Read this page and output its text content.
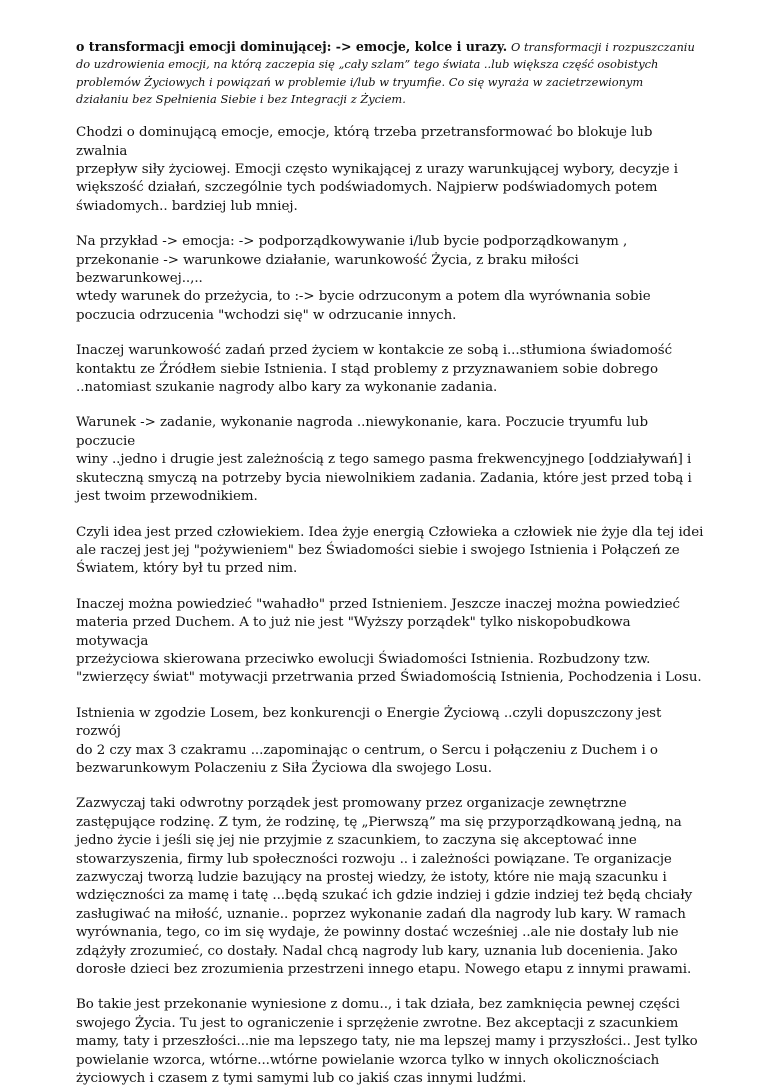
o transformacji emocji dominującej: -> emocje, kolce i urazy. O transformacji i rozpuszczaniu
do uzdrowienia emocji, na którą zaczepia się „cały szlam” tego świata ..lub większa część osobistych
problemów Życiowych i powiązań w problemie i/lub w tryumfie. Co się wyraża w zacietrzewionym
działaniu bez Spełnienia Siebie i bez Integracji z Życiem.

Chodzi o dominującą emocje, emocje, którą trzeba przetransformować bo blokuje lub zwalnia
przepływ siły życiowej. Emocji często wynikającej z urazy warunkującej wybory, decyzje i
większość działań, szczególnie tych podświadomych. Najpierw podświadomych potem
świadomych.. bardziej lub mniej.

Na przykład -> emocja: -> podporządkowywanie i/lub bycie podporządkowanym ,
przekonanie -> warunkowe działanie, warunkowość Życia, z braku miłości bezwarunkowej..,..
wtedy warunek do przeżycia, to :-> bycie odrzuconym a potem dla wyrównania sobie
poczucia odrzucenia "wchodzi się" w odrzucanie innych.

Inaczej warunkowość zadań przed życiem w kontakcie ze sobą i...stłumiona świadomość
kontaktu ze Źródłem siebie Istnienia. I stąd problemy z przyznawaniem sobie dobrego
..natomiast szukanie nagrody albo kary za wykonanie zadania.

Warunek -> zadanie, wykonanie nagroda ..niewykonanie, kara. Poczucie tryumfu lub poczucie
winy ..jedno i drugie jest zależnością z tego samego pasma frekwencyjnego [oddziaływań] i
skuteczną smyczą na potrzeby bycia niewolnikiem zadania. Zadania, które jest przed tobą i
jest twoim przewodnikiem.

Czyli idea jest przed człowiekiem. Idea żyje energią Człowieka a człowiek nie żyje dla tej idei
ale raczej jest jej "pożywieniem" bez Świadomości siebie i swojego Istnienia i Połączeń ze
Światem, który był tu przed nim.

Inaczej można powiedzieć "wahadło" przed Istnieniem. Jeszcze inaczej można powiedzieć
materia przed Duchem. A to już nie jest "Wyższy porządek" tylko niskopobudkowa motywacja
przeżyciowa skierowana przeciwko ewolucji Świadomości Istnienia. Rozbudzony tzw.
"zwierzęcy świat" motywacji przetrwania przed Świadomością Istnienia, Pochodzenia i Losu.

Istnienia w zgodzie Losem, bez konkurencji o Energie Życiową ..czyli dopuszczony jest rozwój
do 2 czy max 3 czakramu ...zapominając o centrum, o Sercu i połączeniu z Duchem i o
bezwarunkowym Polaczeniu z Siła Życiowa dla swojego Losu.

Zazwyczaj taki odwrotny porządek jest promowany przez organizacje zewnętrzne
zastępujące rodzinę. Z tym, że rodzinę, tę „Pierwszą” ma się przyporządkowaną jedną, na
jedno życie i jeśli się jej nie przyjmie z szacunkiem, to zaczyna się akceptować inne
stowarzyszenia, firmy lub społeczności rozwoju .. i zależności powiązane. Te organizacje
zazwyczaj tworzą ludzie bazujący na prostej wiedzy, że istoty, które nie mają szacunku i
wdzięczności za mamę i tatę ...będą szukać ich gdzie indziej i gdzie indziej też będą chciały
zasługiwać na miłość, uznanie.. poprzez wykonanie zadań dla nagrody lub kary. W ramach
wyrównania, tego, co im się wydaje, że powinny dostać wcześniej ..ale nie dostały lub nie
zdążyły zrozumieć, co dostały. Nadal chcą nagrody lub kary, uznania lub docenienia. Jako
dorosłe dzieci bez zrozumienia przestrzeni innego etapu. Nowego etapu z innymi prawami.

Bo takie jest przekonanie wyniesione z domu.., i tak działa, bez zamknięcia pewnej części
swojego Życia. Tu jest to ograniczenie i sprzężenie zwrotne. Bez akceptacji z szacunkiem
mamy, taty i przeszłości...nie ma lepszego taty, nie ma lepszej mamy i przyszłości.. Jest tylko
powielanie wzorca, wtórne...wtórne powielanie wzorca tylko w innych okolicznościach
życiowych i czasem z tymi samymi lub co jakiś czas innymi ludźmi.
